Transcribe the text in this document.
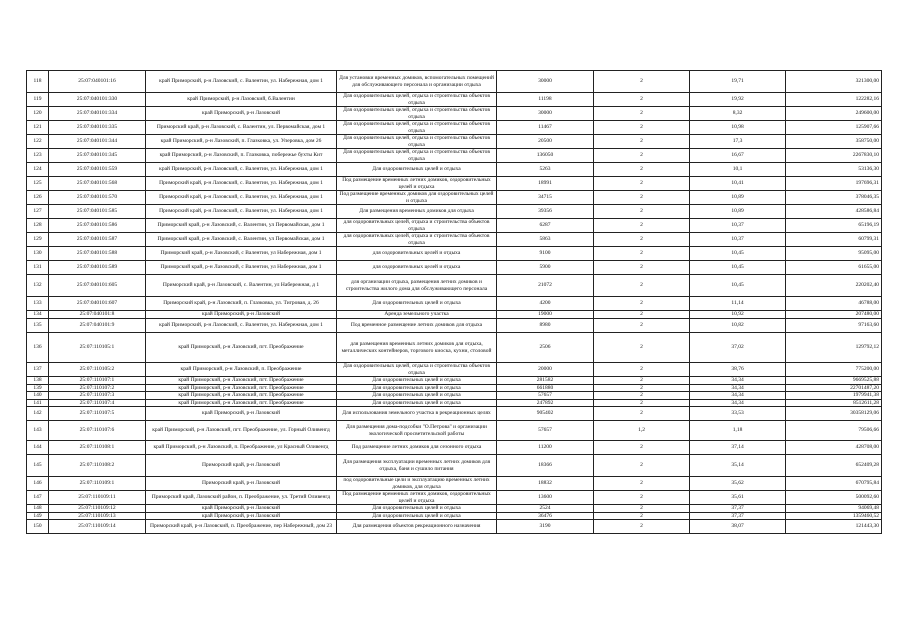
118	25:07:040101:16	край Приморский, р-н Лазовский, с. Валентин, ул. Набережная, дом 1	Для установки временных домиков, вспомогательных помещений для обслуживающего персонала и организации отдыха	30000	2	19,71	321300,00
119	25:07:040101:330	край Приморский, р-н Лазовский, б.Валентин	Для оздоровительных целей, отдыха и строительства объектов отдыха	11198	2	19,92	122282,16
120	25:07:040101:334	край Приморский, р-н Лазовский	Для оздоровительных целей, отдыха и строительства объектов отдыха	30000	2	8,32	249600,00
121	25:07:040101:335	Приморский край, р-н Лазовский, с. Валентин, ул. Первомайская, дом 1	Для оздоровительных целей, отдыха и строительства объектов отдыха	11467	2	10,98	125907,66
122	25:07:040101:344	край Приморский, р-н Лазовский, п. Глазковка, ул. Уперовка, дом 26	Для оздоровительных целей, отдыха и строительства объектов отдыха	20500	2	17,3	358750,00
123	25:07:040101:345	край Приморский, р-н Лазовский, п. Глазковка, побережье бухты Кит	Для оздоровительных целей, отдыха и строительства объектов отдыха	136050	2	16,67	2267830,10
124	25:07:040101:559	край Приморский, р-н Лазовский, с. Валентин, ул. Набережная, дом 1	Для оздоровительных целей и отдыха	5263	2	10,1	53136,30
125	25:07:040101:568	Приморский край, р-н Лазовский, с. Валентин, ул. Набережная, дом 1	Под размещение временных летних домиков, оздоровительных целей и отдыха	18991	2	10,41	197696,31
126	25:07:040101:570	Приморский край, р-н Лазовский, с. Валентин, ул. Набережная, дом 1	Под размещение временных домиков для оздоровительных целей и отдыха	34715	2	10,89	378046,35
127	25:07:040101:585	Приморский край, р-н Лазовский, с. Валентин, ул. Набережная, дом 1	Для размещения временных домиков для отдыха	39356	2	10,89	428586,84
128	25:07:040101:586	Приморский край, р-н Лазовский, с. Валентин, ул Первомайская, дом 1	для оздоровительных целей, отдыха и строительства объектов отдыха	6287	2	10,37	65196,19
129	25:07:040101:587	Приморский край, р-н Лазовский, с. Валентин, ул Первомайская, дом 1	для оздоровительных целей, отдыха и строительства объектов отдыха	5863	2	10,37	60799,31
130	25:07:040101:588	Приморский край, р-н Лазовский, с Валентин, ул Набережная, дом 1	для оздоровительных целей и отдыха	9100	2	10,45	95095,00
131	25:07:040101:589	Приморский край, р-н Лазовский, с Валентин, ул Набережная, дом 1	для оздоровительных целей и отдыха	5900	2	10,45	61655,00
132	25:07:040101:605	Приморский край, р-н Лазовский, с. Валентин, ул Набережная, д 1	для организации отдыха, размещения летних домиков и строительства жилого дома для обслуживающего персонала	21072	2	10,45	220202,40
133	25:07:040101:607	Приморский край, р-н Лазовский, п. Глазковка, ул. Тигровая, д. 26	Для оздоровительных целей и отдыха	4200	2	11,14	46788,00
134	25:07:040101:8	край Приморский, р-н Лазовский	Аренда земельного участка	19000	2	10,92	207480,00
135	25:07:040101:9	край Приморский, р-н Лазовский, с. Валентин, ул. Набережная, дом 1	Под временное размещение летних домиков для отдыха	8980	2	10,82	97163,60
136	25:07:110105:1	край Приморский, р-н Лазовский, пгт. Преображение	для размещения временных летних домиков для отдыха, металлических контейнеров, торгового киоска, кухни, столовой	2506	2	37,02	129792,12
137	25:07:110105:2	край Приморский, р-н Лазовский, п. Преображение	Для оздоровительных целей, отдыха и строительства объектов отдыха	20000	2	38,76	775200,00
138	25:07:110107:1	край Приморский, р-н Лазовский, пгт. Преображение	Для оздоровительных целей и отдыха	281582	2	34,34	9669525,88
139	25:07:110107:2	край Приморский, р-н Лазовский, пгт. Преображение	Для оздоровительных целей и отдыха	661880	2	34,34	22701487,20
140	25:07:110107:3	край Приморский, р-н Лазовский, пгт. Преображение	Для оздоровительных целей и отдыха	57657	2	34,34	1979941,38
141	25:07:110107:4	край Приморский, р-н Лазовский, пгт. Преображение	Для оздоровительных целей и отдыха	247892	2	34,34	8512611,28
142	25:07:110107:5	край Приморский, р-н Лазовский	Для использования земельного участка в рекреационных целях	905402	2	33,53	30358129,06
143	25:07:110107:6	край Приморский, р-н Лазовский, пгт. Преображение, ул. Горный Оливенгд	Для размещения дома-подсобки "О.Петрова" и организации экологической просветительской работы	57657	1,2	1,18	79506,66
144	25:07:110108:1	край Приморский, р-н Лазовский, п. Преображение, ул Красный Оливенгд	Под размещение летних домиков для сезонного отдыха	11200	2	37,14	428708,00
145	25:07:110108:2	Приморский край, р-н Лазовский	Для размещения эксплуатации временных летних домиков для отдыха, баня и сушило питания	18366	2	35,14	652409,28
146	25:07:110109:1	Приморский край, р-н Лазовский	под оздоровительные цели и эксплуатацию временных летних домиков, для отдыха	18832	2	35,62	670795,84
147	25:07:110109:11	Приморский край, Лазовский район, п. Преображение, ул. Третий Оливенгд	Под размещение временных летних домиков, оздоровительных целей и отдыха	13600	2	35,61	500092,60
148	25:07:110109:12	край Приморский, р-н Лазовский	Для оздоровительных целей и отдыха	2524	2	37,37	94069,48
149	25:07:110109:13	край Приморский, р-н Лазовский	Для оздоровительных целей и отдыха	36476	2	37,37	1359460,52
150	25:07:110109:14	Приморский край, р-н Лазовский, п. Преображение, пер Набережный, дом 23	Для размещения объектов рекреационного назначения	3190	2	38,07	121443,30
